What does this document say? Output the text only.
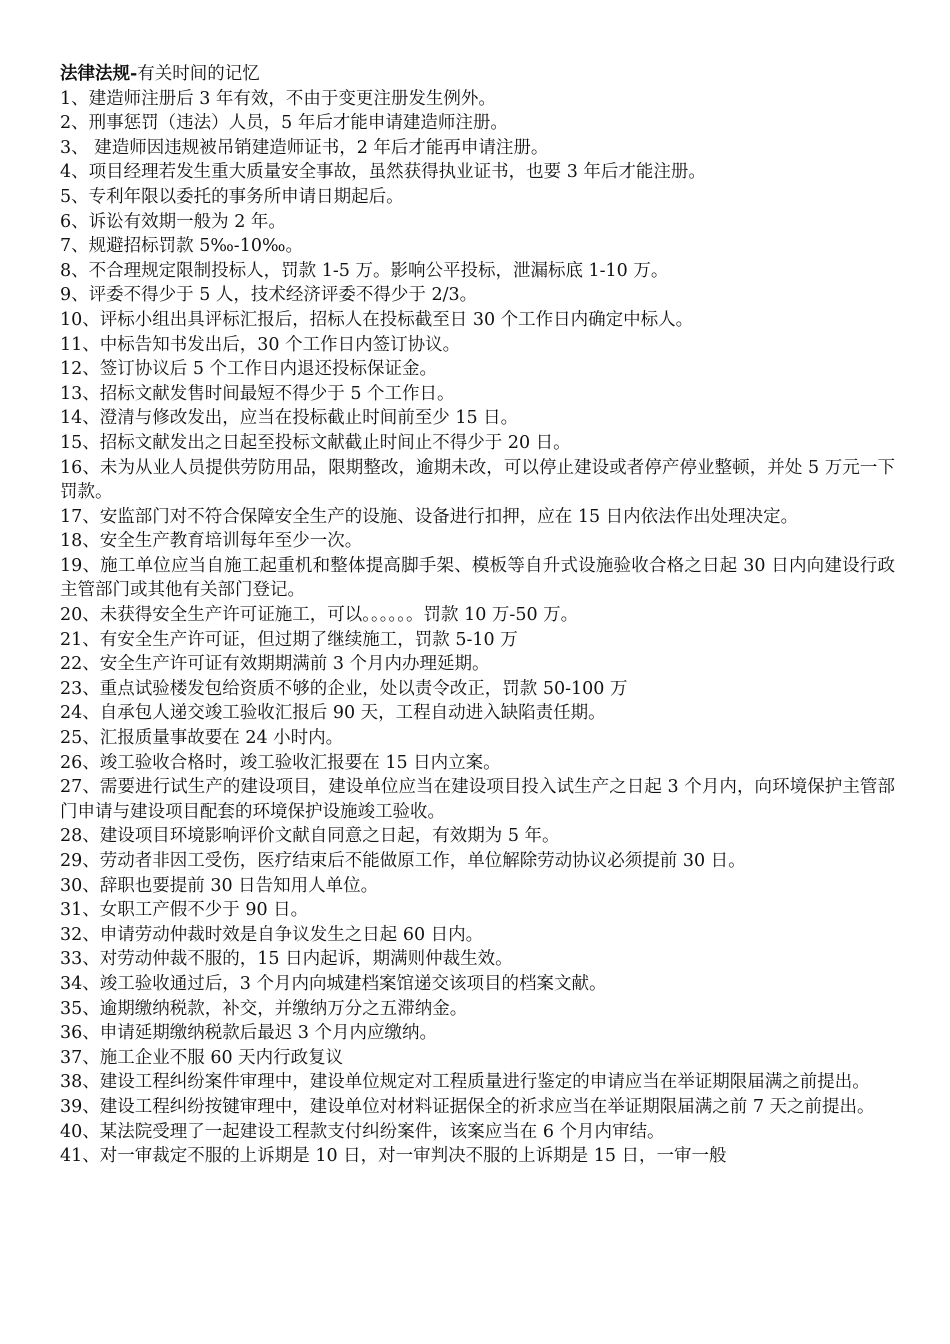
法律法规-有关时间的记忆
1、建造师注册后 3 年有效，不由于变更注册发生例外。
2、刑事惩罚（违法）人员，5 年后才能申请建造师注册。
3、 建造师因违规被吊销建造师证书，2 年后才能再申请注册。
4、项目经理若发生重大质量安全事故，虽然获得执业证书，也要 3 年后才能注册。
5、专利年限以委托的事务所申请日期起后。
6、诉讼有效期一般为 2 年。
7、规避招标罚款 5‰-10‰。
8、不合理规定限制投标人，罚款 1-5 万。影响公平投标，泄漏标底 1-10 万。
9、评委不得少于 5 人，技术经济评委不得少于 2/3。
10、评标小组出具评标汇报后，招标人在投标截至日 30 个工作日内确定中标人。
11、中标告知书发出后，30 个工作日内签订协议。
12、签订协议后 5 个工作日内退还投标保证金。
13、招标文献发售时间最短不得少于 5 个工作日。
14、澄清与修改发出，应当在投标截止时间前至少 15 日。
15、招标文献发出之日起至投标文献截止时间止不得少于 20 日。
16、未为从业人员提供劳防用品，限期整改，逾期未改，可以停止建设或者停产停业整顿，并处 5 万元一下罚款。
17、安监部门对不符合保障安全生产的设施、设备进行扣押，应在 15 日内依法作出处理决定。
18、安全生产教育培训每年至少一次。
19、施工单位应当自施工起重机和整体提高脚手架、模板等自升式设施验收合格之日起 30 日内向建设行政主管部门或其他有关部门登记。
20、未获得安全生产许可证施工，可以。。。。。。罚款 10 万-50 万。
21、有安全生产许可证，但过期了继续施工，罚款 5-10 万
22、安全生产许可证有效期期满前 3 个月内办理延期。
23、重点试验楼发包给资质不够的企业，处以责令改正，罚款 50-100 万
24、自承包人递交竣工验收汇报后 90 天，工程自动进入缺陷责任期。
25、汇报质量事故要在 24 小时内。
26、竣工验收合格时，竣工验收汇报要在 15 日内立案。
27、需要进行试生产的建设项目，建设单位应当在建设项目投入试生产之日起 3 个月内，向环境保护主管部门申请与建设项目配套的环境保护设施竣工验收。
28、建设项目环境影响评价文献自同意之日起，有效期为 5 年。
29、劳动者非因工受伤，医疗结束后不能做原工作，单位解除劳动协议必须提前 30 日。
30、辞职也要提前 30 日告知用人单位。
31、女职工产假不少于 90 日。
32、申请劳动仲裁时效是自争议发生之日起 60 日内。
33、对劳动仲裁不服的，15 日内起诉，期满则仲裁生效。
34、竣工验收通过后，3 个月内向城建档案馆递交该项目的档案文献。
35、逾期缴纳税款，补交，并缴纳万分之五滞纳金。
36、申请延期缴纳税款后最迟 3 个月内应缴纳。
37、施工企业不服 60 天内行政复议
38、建设工程纠纷案件审理中，建设单位规定对工程质量进行鉴定的申请应当在举证期限届满之前提出。
39、建设工程纠纷按键审理中，建设单位对材料证据保全的祈求应当在举证期限届满之前 7 天之前提出。
40、某法院受理了一起建设工程款支付纠纷案件，该案应当在 6 个月内审结。
41、对一审裁定不服的上诉期是 10 日，对一审判决不服的上诉期是 15 日，一审一般
